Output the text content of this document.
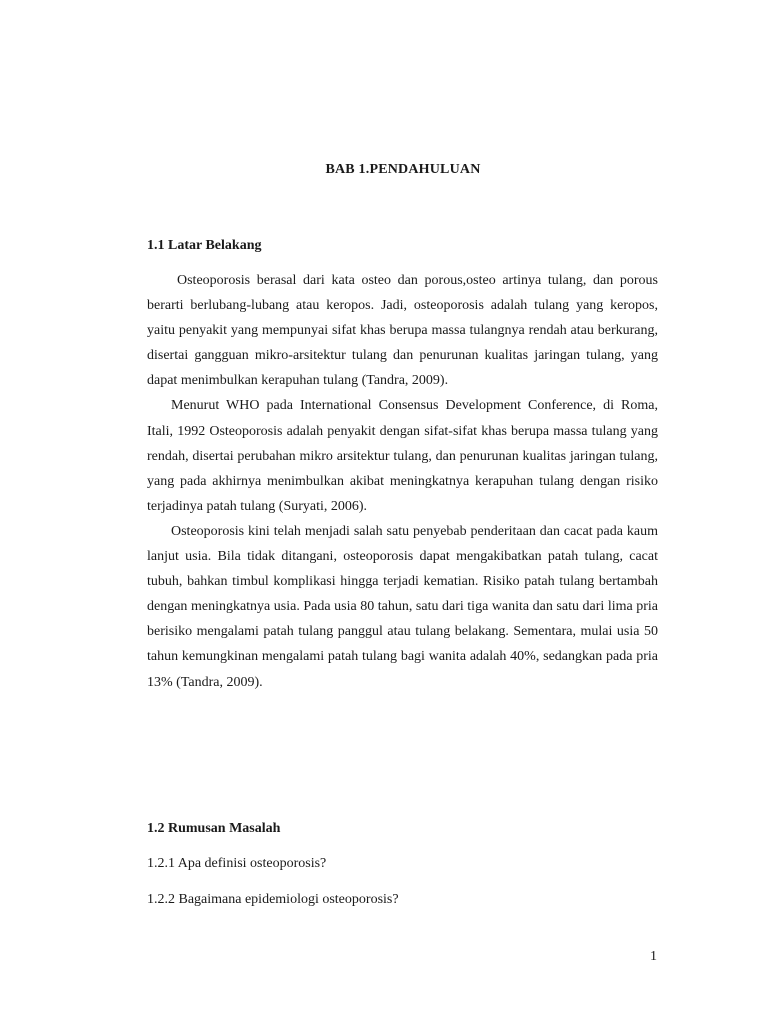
BAB 1.PENDAHULUAN
1.1 Latar Belakang

Osteoporosis berasal dari kata osteo dan porous,osteo artinya tulang, dan porous berarti berlubang-lubang atau keropos. Jadi, osteoporosis adalah tulang yang keropos, yaitu penyakit yang mempunyai sifat khas berupa massa tulangnya rendah atau berkurang, disertai gangguan mikro-arsitektur tulang dan penurunan kualitas jaringan tulang, yang dapat menimbulkan kerapuhan tulang (Tandra, 2009).

Menurut WHO pada International Consensus Development Conference, di Roma, Itali, 1992 Osteoporosis adalah penyakit dengan sifat-sifat khas berupa massa tulang yang rendah, disertai perubahan mikro arsitektur tulang, dan penurunan kualitas jaringan tulang, yang pada akhirnya menimbulkan akibat meningkatnya kerapuhan tulang dengan risiko terjadinya patah tulang (Suryati, 2006).

Osteoporosis kini telah menjadi salah satu penyebab penderitaan dan cacat pada kaum lanjut usia. Bila tidak ditangani, osteoporosis dapat mengakibatkan patah tulang, cacat tubuh, bahkan timbul komplikasi hingga terjadi kematian. Risiko patah tulang bertambah dengan meningkatnya usia. Pada usia 80 tahun, satu dari tiga wanita dan satu dari lima pria berisiko mengalami patah tulang panggul atau tulang belakang. Sementara, mulai usia 50 tahun kemungkinan mengalami patah tulang bagi wanita adalah 40%, sedangkan pada pria 13% (Tandra, 2009).

1.2 Rumusan Masalah
1.2.1 Apa definisi osteoporosis?
1.2.2 Bagaimana epidemiologi osteoporosis?
1
